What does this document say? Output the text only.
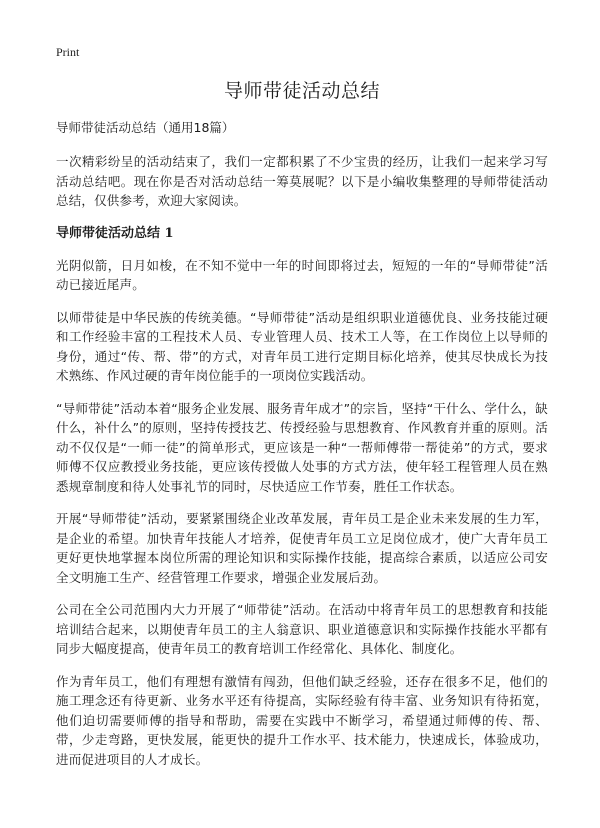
Print
导师带徒活动总结
导师带徒活动总结（通用18篇）

一次精彩纷呈的活动结束了，我们一定都积累了不少宝贵的经历，让我们一起来学习写活动总结吧。现在你是否对活动总结一筹莫展呢？以下是小编收集整理的导师带徒活动总结，仅供参考，欢迎大家阅读。

导师带徒活动总结 1

光阴似箭，日月如梭，在不知不觉中一年的时间即将过去，短短的一年的“导师带徒”活动已接近尾声。

以师带徒是中华民族的传统美德。“导师带徒”活动是组织职业道德优良、业务技能过硬和工作经验丰富的工程技术人员、专业管理人员、技术工人等，在工作岗位上以导师的身份，通过“传、帮、带”的方式，对青年员工进行定期目标化培养，使其尽快成长为技术熟练、作风过硬的青年岗位能手的一项岗位实践活动。

“导师带徒”活动本着“服务企业发展、服务青年成才”的宗旨，坚持“干什么、学什么，缺什么，补什么”的原则，坚持传授技艺、传授经验与思想教育、作风教育并重的原则。活动不仅仅是“一师一徒”的简单形式，更应该是一种“一帮师傅带一帮徒弟”的方式，要求师傅不仅应教授业务技能，更应该传授做人处事的方式方法，使年轻工程管理人员在熟悉规章制度和待人处事礼节的同时，尽快适应工作节奏，胜任工作状态。

开展“导师带徒”活动，要紧紧围绕企业改革发展，青年员工是企业未来发展的生力军，是企业的希望。加快青年技能人才培养，促使青年员工立足岗位成才，使广大青年员工更好更快地掌握本岗位所需的理论知识和实际操作技能，提高综合素质，以适应公司安全文明施工生产、经营管理工作要求，增强企业发展后劲。

公司在全公司范围内大力开展了“师带徒”活动。在活动中将青年员工的思想教育和技能培训结合起来，以期使青年员工的主人翁意识、职业道德意识和实际操作技能水平都有同步大幅度提高，使青年员工的教育培训工作经常化、具体化、制度化。

作为青年员工，他们有理想有激情有闯劲，但他们缺乏经验，还存在很多不足，他们的 施工理念还有待更新、业务水平还有待提高，实际经验有待丰富、业务知识有待拓宽，他们迫切需要师傅的指导和帮助，需要在实践中不断学习，希望通过师傅的传、帮、带，少走弯路，更快发展，能更快的提升工作水平、技术能力，快速成长，体验成功，进而促进项目的人才成长。
